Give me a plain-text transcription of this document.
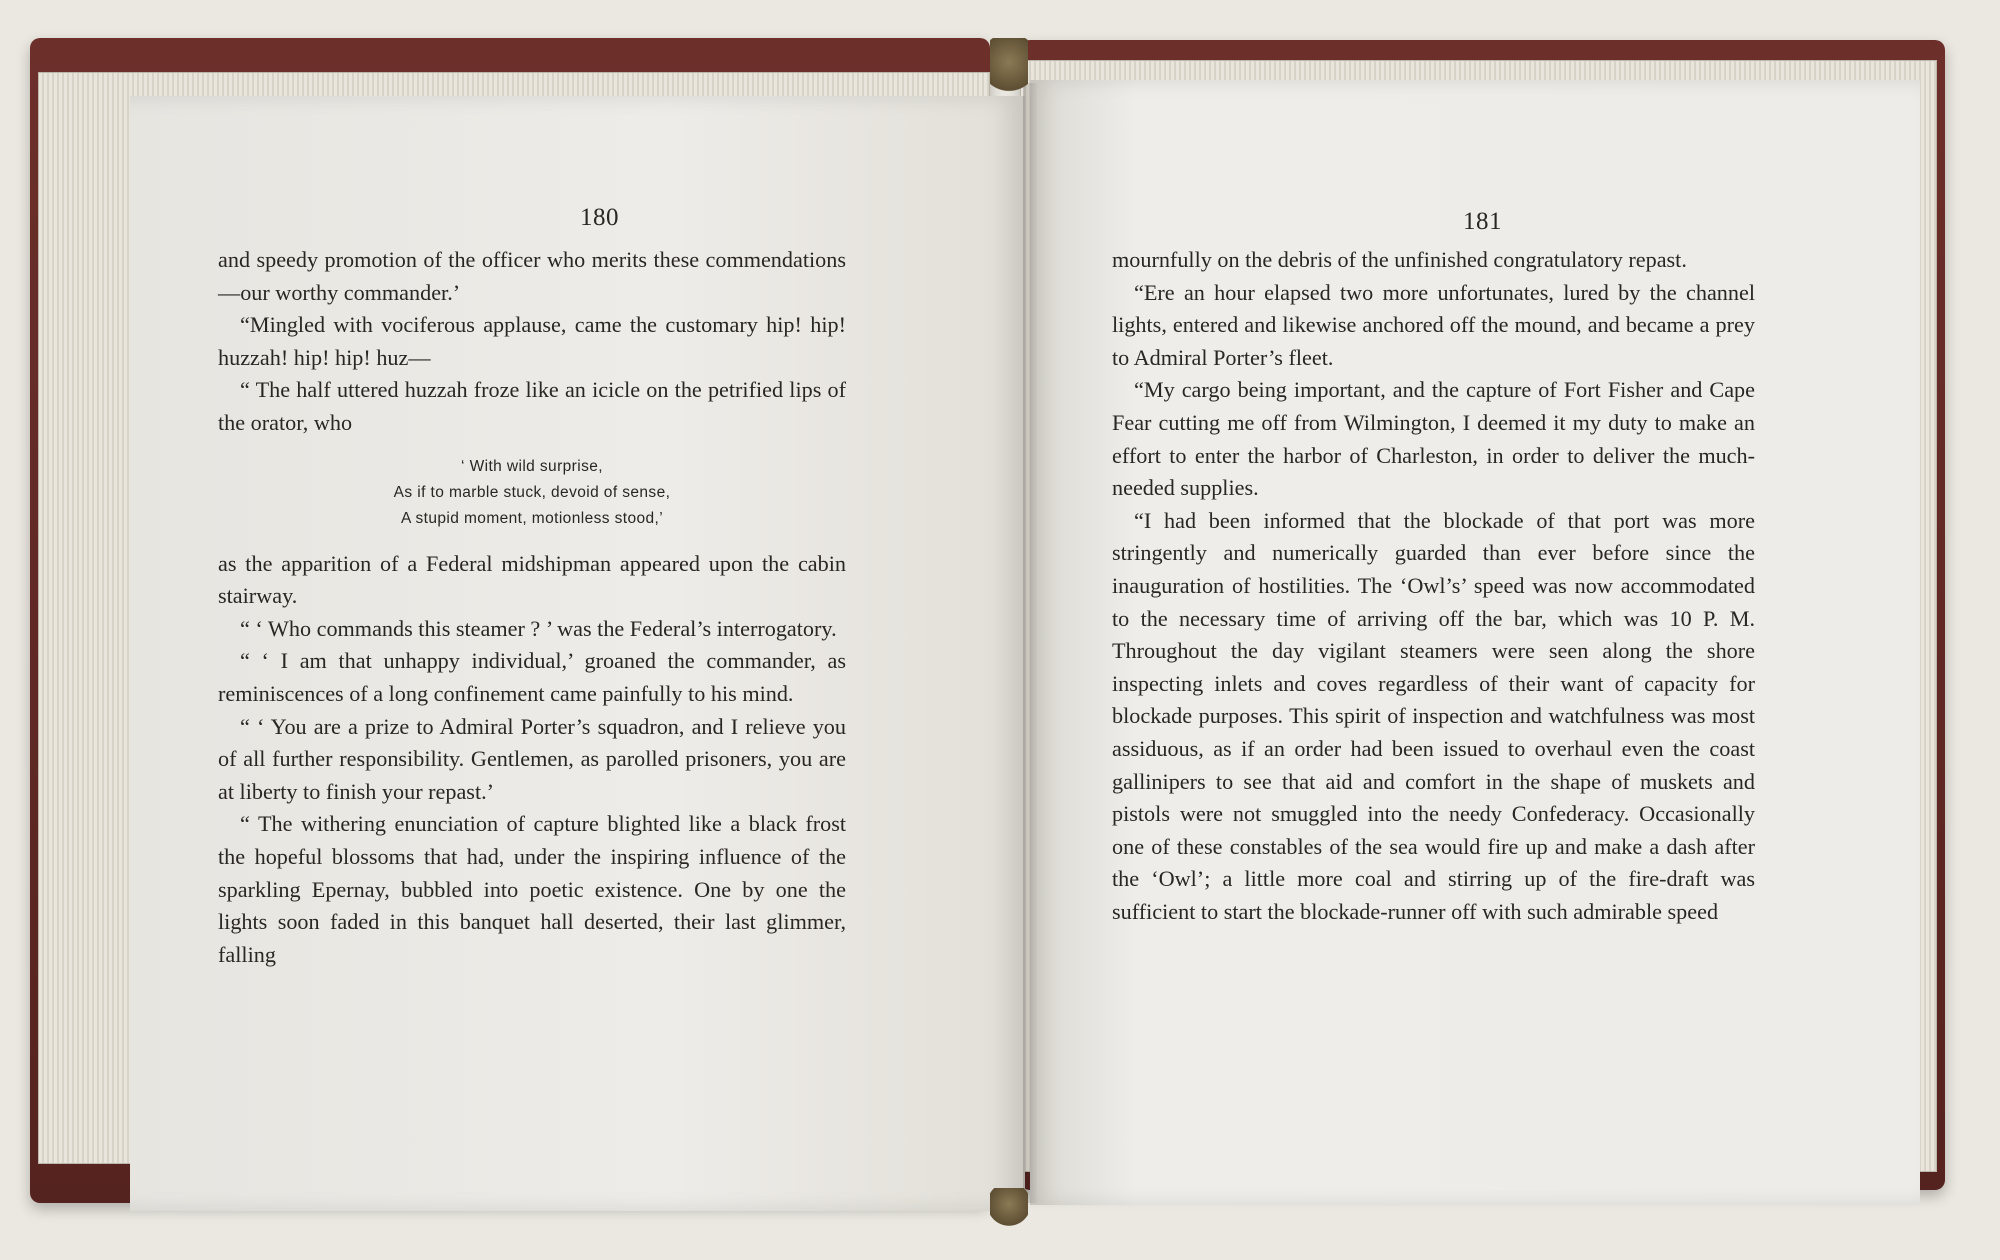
180

and speedy promotion of the officer who merits these commendations—our worthy commander.’

“Mingled with vociferous applause, came the customary hip! hip! huzzah! hip! hip! huz—

“ The half uttered huzzah froze like an icicle on the petrified lips of the orator, who

‘ With wild surprise,
As if to marble stuck, devoid of sense,
A stupid moment, motionless stood,’

as the apparition of a Federal midshipman appeared upon the cabin stairway.

“ ‘ Who commands this steamer ? ’ was the Federal’s interrogatory.

“ ‘ I am that unhappy individual,’ groaned the commander, as reminiscences of a long confinement came painfully to his mind.

“ ‘ You are a prize to Admiral Porter’s squadron, and I relieve you of all further responsibility. Gentlemen, as parolled prisoners, you are at liberty to finish your repast.’

“ The withering enunciation of capture blighted like a black frost the hopeful blossoms that had, under the inspiring influence of the sparkling Epernay, bubbled into poetic existence. One by one the lights soon faded in this banquet hall deserted, their last glimmer, falling

181

mournfully on the debris of the unfinished congratulatory repast.

“Ere an hour elapsed two more unfortunates, lured by the channel lights, entered and likewise anchored off the mound, and became a prey to Admiral Porter’s fleet.

“My cargo being important, and the capture of Fort Fisher and Cape Fear cutting me off from Wilmington, I deemed it my duty to make an effort to enter the harbor of Charleston, in order to deliver the much-needed supplies.

“I had been informed that the blockade of that port was more stringently and numerically guarded than ever before since the inauguration of hostilities. The ‘Owl’s’ speed was now accommodated to the necessary time of arriving off the bar, which was 10 P. M. Throughout the day vigilant steamers were seen along the shore inspecting inlets and coves regardless of their want of capacity for blockade purposes. This spirit of inspection and watchfulness was most assiduous, as if an order had been issued to overhaul even the coast gallinipers to see that aid and comfort in the shape of muskets and pistols were not smuggled into the needy Confederacy. Occasionally one of these constables of the sea would fire up and make a dash after the ‘Owl’; a little more coal and stirring up of the fire-draft was sufficient to start the blockade-runner off with such admirable speed
